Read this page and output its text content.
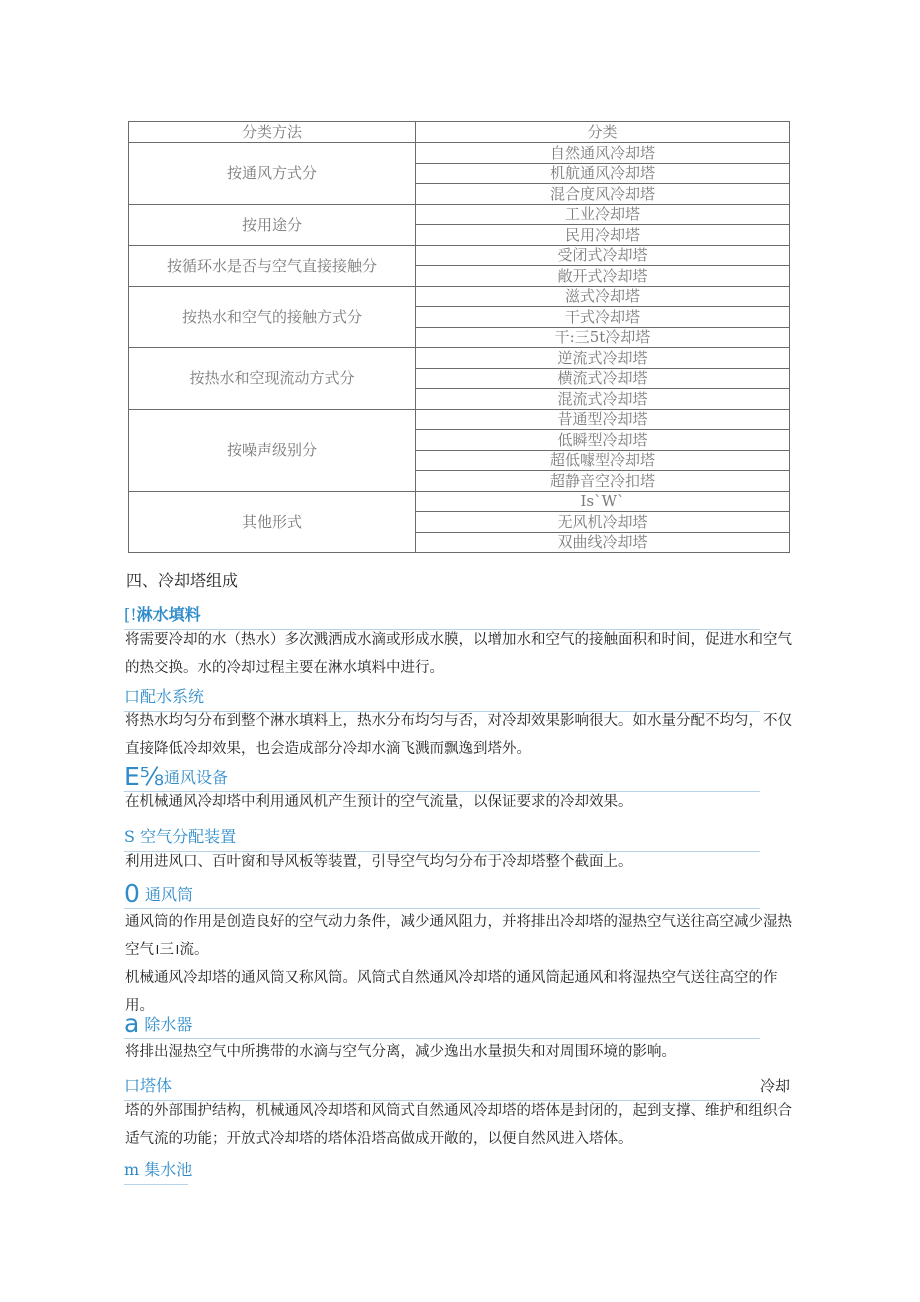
分类方法	分类
按通风方式分	自然通风冷却塔
	机航通风冷却塔
	混合度风冷却塔
按用途分	工业冷却塔
	民用冷却塔
按循环水是否与空气直接接触分	受闭式冷却塔
	敞开式冷却塔
按热水和空气的接触方式分	滋式冷却塔
	干式冷却塔
	干:三5t冷却塔
按热水和空现流动方式分	逆流式冷却塔
	横流式冷却塔
	混流式冷却塔
按噪声级别分	昔通型冷却塔
	低瞬型冷却塔
	超低噱型冷却塔
	超静音空冷扣塔
其他形式	Is`W`
	无风机冷却塔
	双曲线冷却塔
四、冷却塔组成
[!淋水填料

将需要冷却的水（热水）多次溅洒成水滴或形成水膜，以增加水和空气的接触面积和时间，促进水和空气的热交换。水的冷却过程主要在淋水填料中进行。

口配水系统

将热水均匀分布到整个淋水填料上，热水分布均匀与否，对冷却效果影响很大。如水量分配不均匀，不仅直接降低冷却效果，也会造成部分冷却水滴飞溅而飘逸到塔外。

E⅝通风设备

在机械通风冷却塔中利用通风机产生预计的空气流量，以保证要求的冷却效果。

S 空气分配装置

利用进风口、百叶窗和导风板等装置，引导空气均匀分布于冷却塔整个截面上。

0 通风筒

通风筒的作用是创造良好的空气动力条件，减少通风阻力，并将排出冷却塔的湿热空气送往高空减少湿热空气।三।流。

机械通风冷却塔的通风筒又称风筒。风筒式自然通风冷却塔的通风筒起通风和将湿热空气送往高空的作用。

a 除水器

将排出湿热空气中所携带的水滴与空气分离，减少逸出水量损失和对周围环境的影响。

口塔体	冷却

塔的外部围护结构，机械通风冷却塔和风筒式自然通风冷却塔的塔体是封闭的，起到支撑、维护和组织合适气流的功能；开放式冷却塔的塔体沿塔高做成开敞的，以便自然风进入塔体。

m 集水池
